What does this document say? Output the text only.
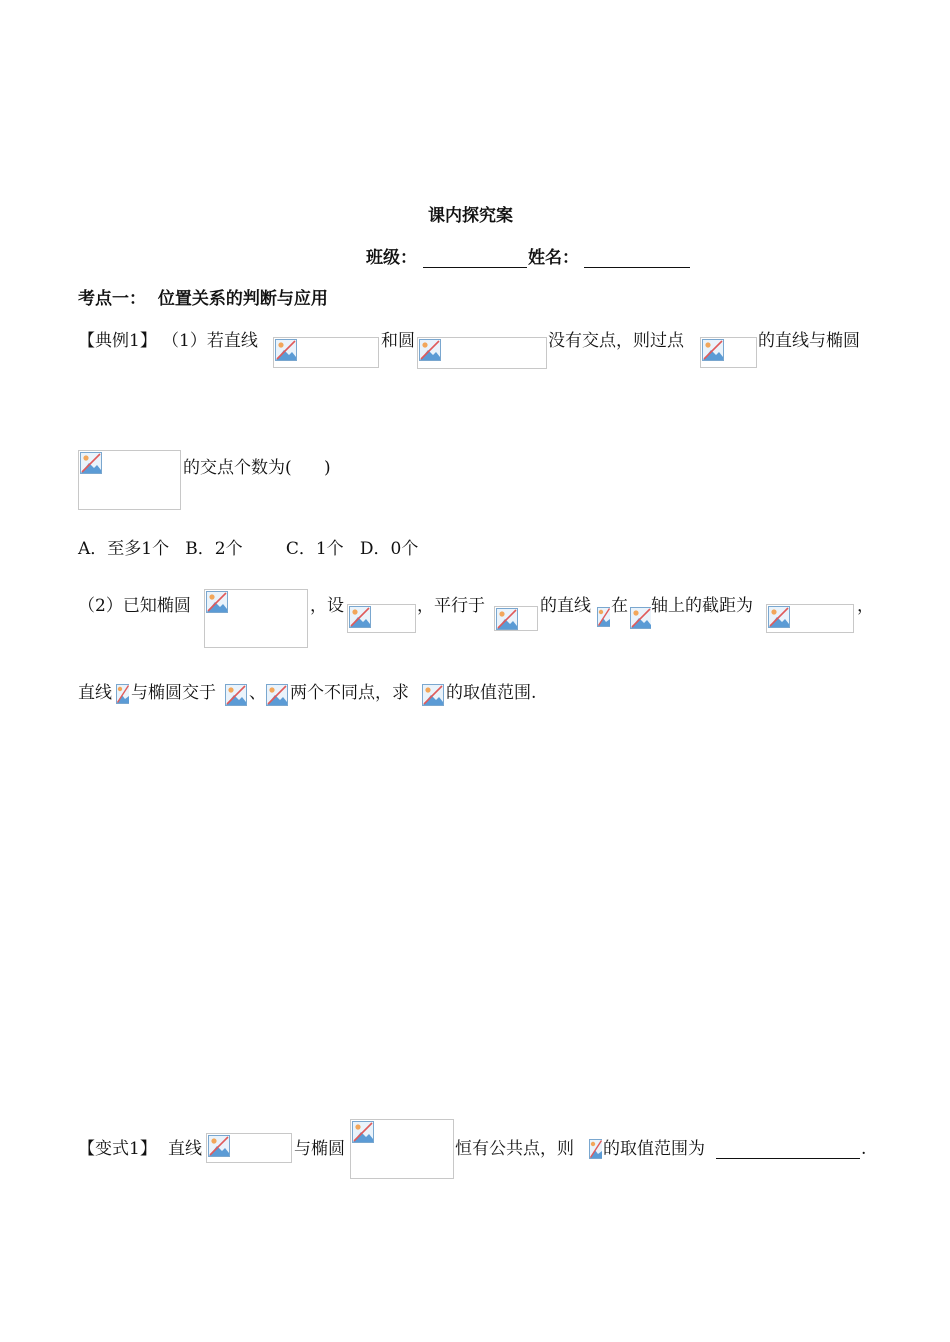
课内探究案
班级：	姓名：
考点一：  位置关系的判断与应用
【典例1】 （1）若直线	和圆	没有交点，则过点	的直线与椭圆
的交点个数为(      )
A．至多1个   B．2个        C．1个   D．0个
（2）已知椭圆	，设	，平行于	的直线 在 轴上的截距为	，
直线 与椭圆交于 、 两个不同点，求 的取值范围.
【变式1】 直线	与椭圆	恒有公共点，则 的取值范围为	.
